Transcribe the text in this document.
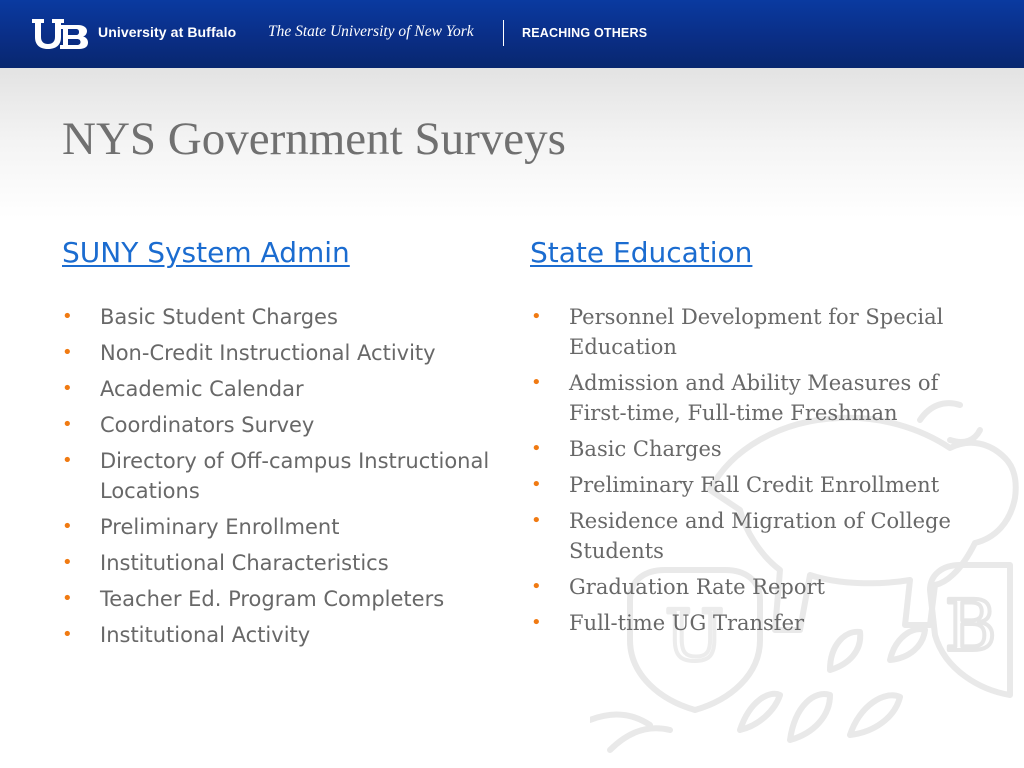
University at Buffalo The State University of New York	REACHING OTHERS
B
U
NYS Government Surveys
SUNY System Admin	State Education
• Basic Student Charges
• Non-Credit Instructional Activity
• Academic Calendar
• Coordinators Survey
• Directory of Off-campus Instructional Locations
• Preliminary Enrollment
• Institutional Characteristics
• Teacher Ed. Program Completers
• Institutional Activity
• Personnel Development for Special Education
• Admission and Ability Measures of First-time, Full-time Freshman
• Basic Charges
• Preliminary Fall Credit Enrollment
• Residence and Migration of College Students
• Graduation Rate Report
• Full-time UG Transfer
